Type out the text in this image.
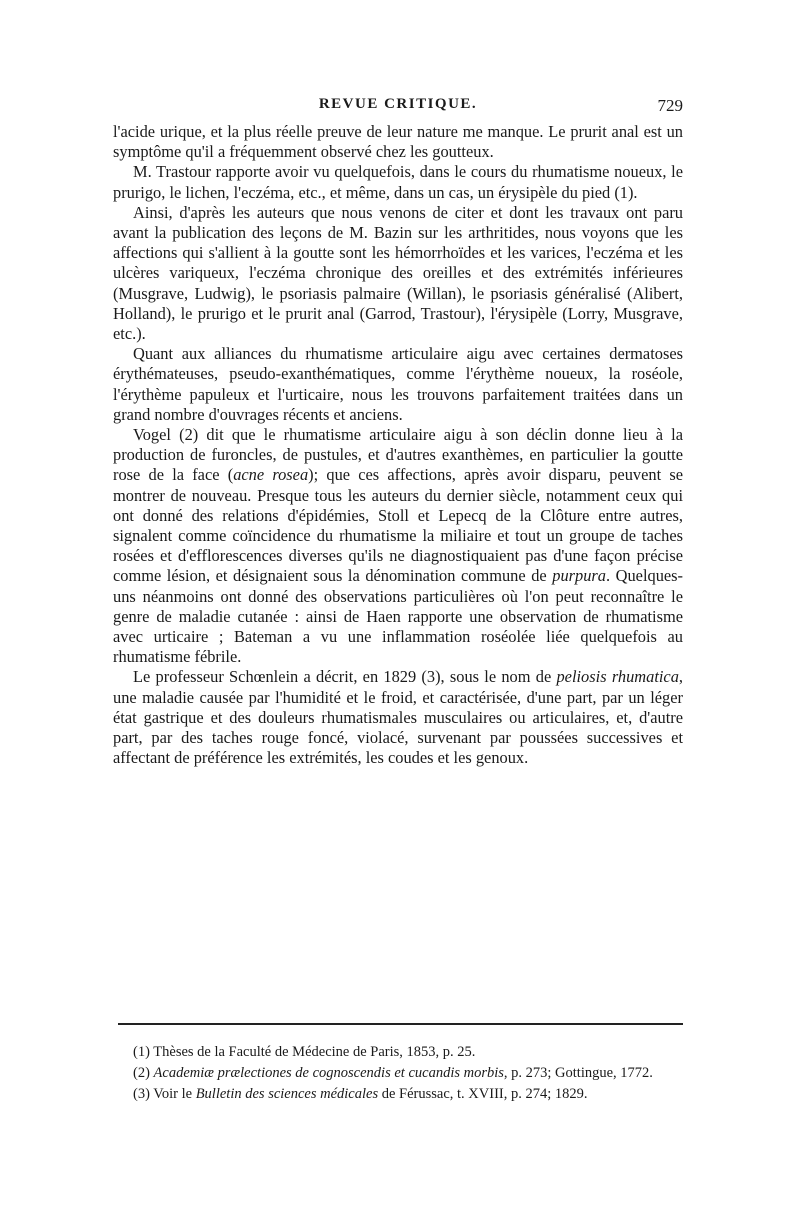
REVUE CRITIQUE.	729

l'acide urique, et la plus réelle preuve de leur nature me manque. Le prurit anal est un symptôme qu'il a fréquemment observé chez les goutteux.

M. Trastour rapporte avoir vu quelquefois, dans le cours du rhumatisme noueux, le prurigo, le lichen, l'eczéma, etc., et même, dans un cas, un érysipèle du pied (1).

Ainsi, d'après les auteurs que nous venons de citer et dont les travaux ont paru avant la publication des leçons de M. Bazin sur les arthritides, nous voyons que les affections qui s'allient à la goutte sont les hémorrhoïdes et les varices, l'eczéma et les ulcères variqueux, l'eczéma chronique des oreilles et des extrémités inférieures (Musgrave, Ludwig), le psoriasis palmaire (Willan), le psoriasis généralisé (Alibert, Holland), le prurigo et le prurit anal (Garrod, Trastour), l'érysipèle (Lorry, Musgrave, etc.).

Quant aux alliances du rhumatisme articulaire aigu avec certaines dermatoses érythémateuses, pseudo-exanthématiques, comme l'érythème noueux, la roséole, l'érythème papuleux et l'urticaire, nous les trouvons parfaitement traitées dans un grand nombre d'ouvrages récents et anciens.

Vogel (2) dit que le rhumatisme articulaire aigu à son déclin donne lieu à la production de furoncles, de pustules, et d'autres exanthèmes, en particulier la goutte rose de la face (acne rosea); que ces affections, après avoir disparu, peuvent se montrer de nouveau. Presque tous les auteurs du dernier siècle, notamment ceux qui ont donné des relations d'épidémies, Stoll et Lepecq de la Clôture entre autres, signalent comme coïncidence du rhumatisme la miliaire et tout un groupe de taches rosées et d'efflorescences diverses qu'ils ne diagnostiquaient pas d'une façon précise comme lésion, et désignaient sous la dénomination commune de purpura. Quelques-uns néanmoins ont donné des observations particulières où l'on peut reconnaître le genre de maladie cutanée : ainsi de Haen rapporte une observation de rhumatisme avec urticaire ; Bateman a vu une inflammation roséolée liée quelquefois au rhumatisme fébrile.

Le professeur Schœnlein a décrit, en 1829 (3), sous le nom de peliosis rhumatica, une maladie causée par l'humidité et le froid, et caractérisée, d'une part, par un léger état gastrique et des douleurs rhumatismales musculaires ou articulaires, et, d'autre part, par des taches rouge foncé, violacé, survenant par poussées successives et affectant de préférence les extrémités, les coudes et les genoux.

(1) Thèses de la Faculté de Médecine de Paris, 1853, p. 25.

(2) Academiæ prælectiones de cognoscendis et cucandis morbis, p. 273; Gottingue, 1772.

(3) Voir le Bulletin des sciences médicales de Férussac, t. XVIII, p. 274; 1829.
